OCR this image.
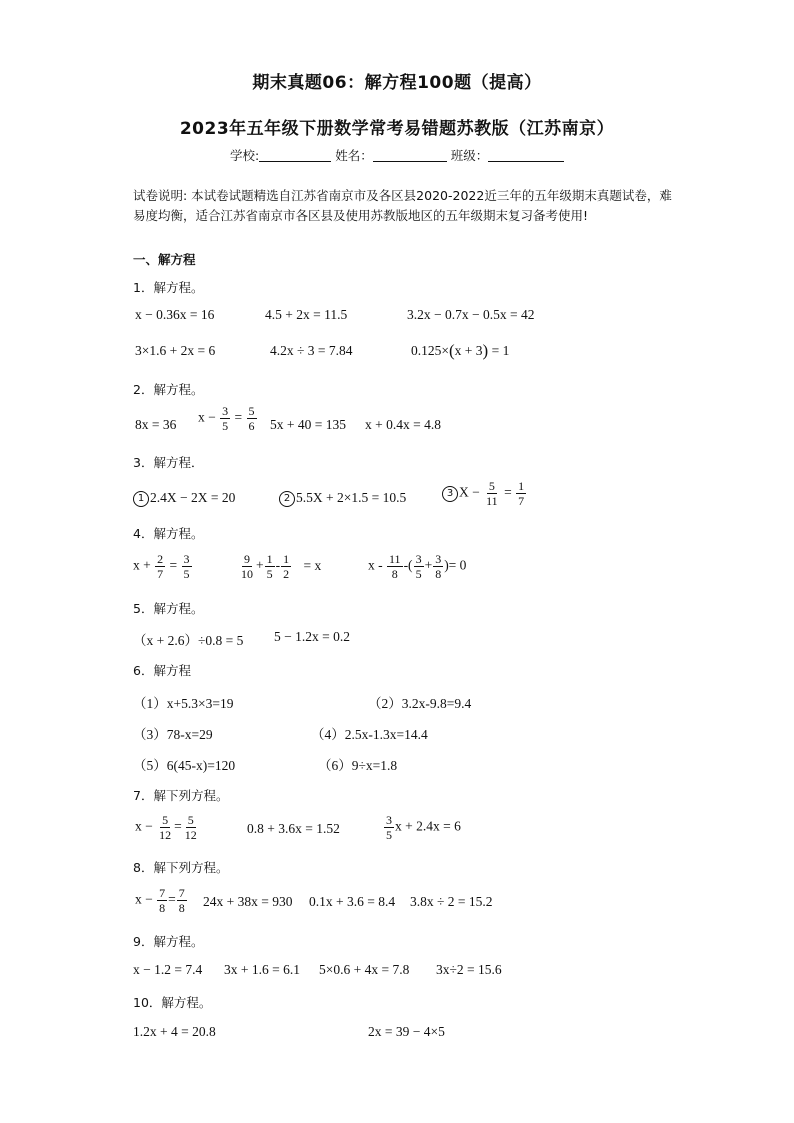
期末真题06：解方程100题（提高）
2023年五年级下册数学常考易错题苏教版（江苏南京）
学校:	姓名：	班级：
试卷说明: 本试卷试题精选自江苏省南京市及各区县2020-2022近三年的五年级期末真题试卷，难易度均衡，适合江苏省南京市各区县及使用苏教版地区的五年级期末复习备考使用!
一、解方程
1．解方程。
x − 0.36x = 16	4.5 + 2x = 11.5	3.2x − 0.7x − 0.5x = 42
3×1.6 + 2x = 6	4.2x ÷ 3 = 7.84	0.125×(x + 3) = 1
2．解方程。
8x = 36 $x - \frac{3}{5} = \frac{5}{6} 5x + 40 = 135$ x + 0.4x = 4.8
3．解方程．
1 2.4X − 2X = 20	2 5.5X + 2×1.5 = 10.5	3 $X - \frac{5}{11} = \frac{1}{7}$
4．解方程。
$x + \frac{2}{7} = \frac{3}{5}$	$\frac{9}{10} + \frac{1}{5} - \frac{1}{2} = x$	x - $\frac{11}{8}$ -( $\frac{3}{5} + \frac{3}{8}$ )= 0
5．解方程。
（x + 2.6）÷0.8 = 5 5 − 1.2x = 0.2
6．解方程
（1）x+5.3×3=19	（2）3.2x-9.8=9.4
（3）78-x=29	（4）2.5x-1.3x=14.4
（5）6(45-x)=120	（6）9÷x=1.8
7．解下列方程。
$x - \frac{5}{12} = \frac{5}{12}$	0.8 + 3.6x = 1.52	$\frac{3}{5}$ x + 2.4x = 6
8．解下列方程。
$x - \frac{7}{8} = \frac{7}{8} 24x + 38x = 930$ 0.1x + 3.6 = 8.4 3.8x ÷ 2 = 15.2
9．解方程。
x − 1.2 = 7.4 3x + 1.6 = 6.1 5×0.6 + 4x = 7.8 3x÷2 = 15.6
10．解方程。
1.2x + 4 = 20.8	2x = 39 − 4×5
